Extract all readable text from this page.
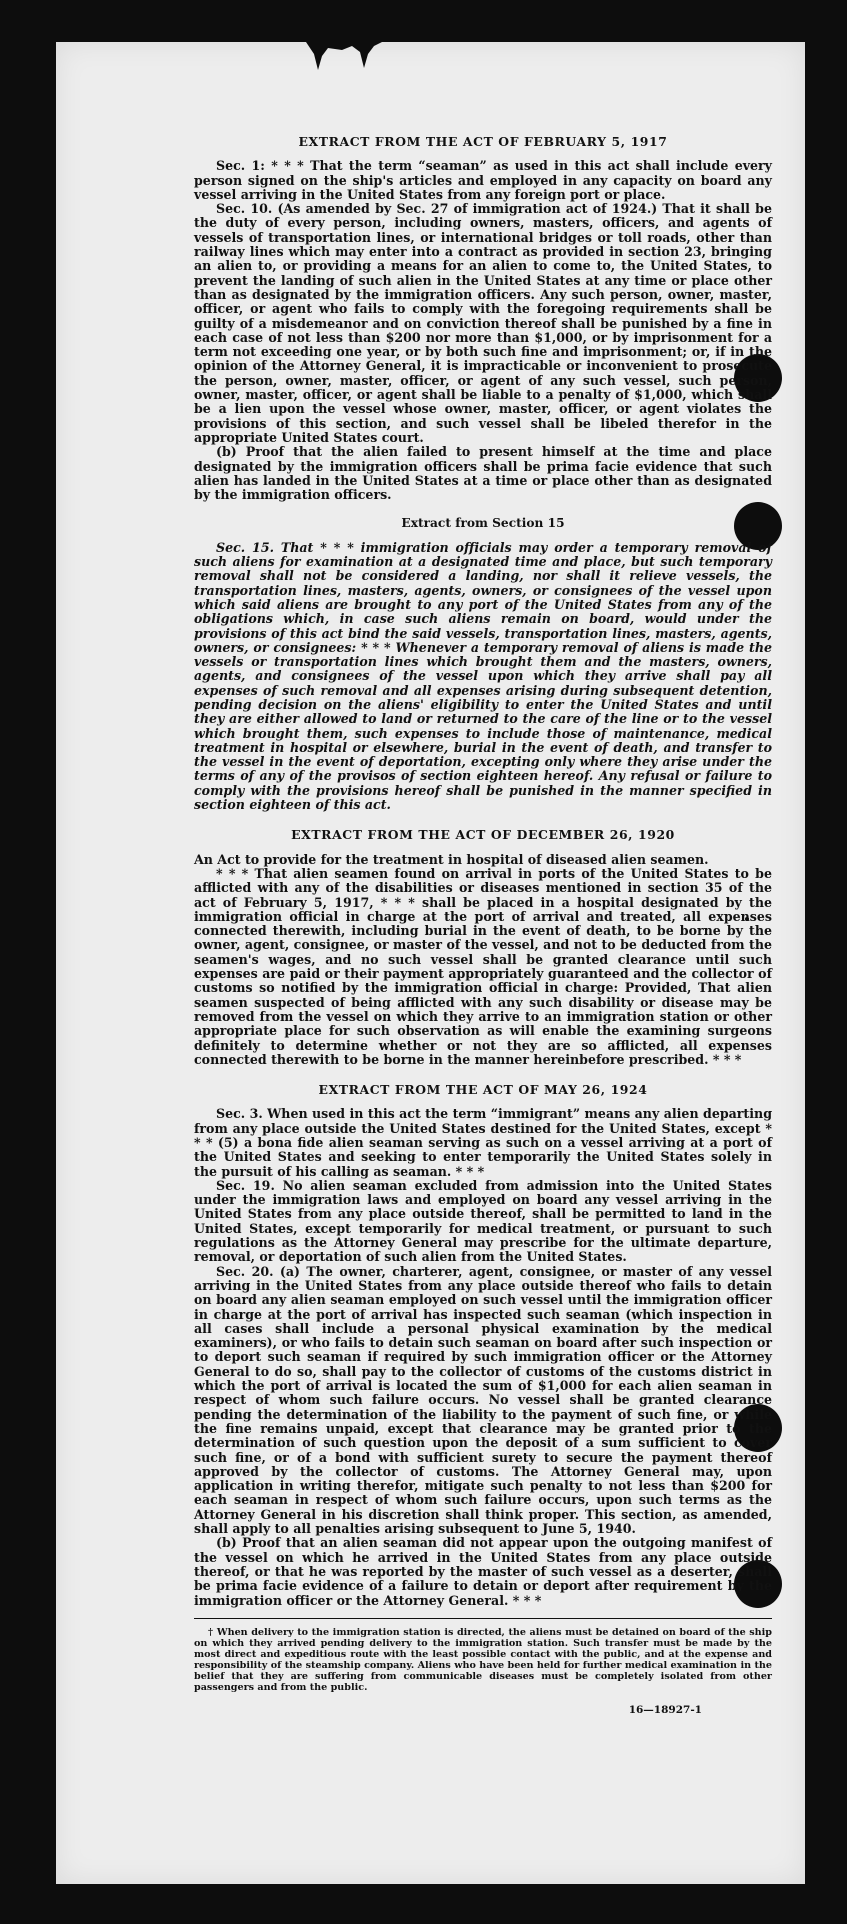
EXTRACT FROM THE ACT OF FEBRUARY 5, 1917

Sec. 1: * * * That the term “seaman” as used in this act shall include every person signed on the ship's articles and employed in any capacity on board any vessel arriving in the United States from any foreign port or place.

Sec. 10. (As amended by Sec. 27 of immigration act of 1924.) That it shall be the duty of every person, including owners, masters, officers, and agents of vessels of transportation lines, or international bridges or toll roads, other than railway lines which may enter into a contract as provided in section 23, bringing an alien to, or providing a means for an alien to come to, the United States, to prevent the landing of such alien in the United States at any time or place other than as designated by the immigration officers. Any such person, owner, master, officer, or agent who fails to comply with the foregoing requirements shall be guilty of a misdemeanor and on conviction thereof shall be punished by a fine in each case of not less than $200 nor more than $1,000, or by imprisonment for a term not exceeding one year, or by both such fine and imprisonment; or, if in the opinion of the Attorney General, it is impracticable or inconvenient to prosecute the person, owner, master, officer, or agent of any such vessel, such person, owner, master, officer, or agent shall be liable to a penalty of $1,000, which shall be a lien upon the vessel whose owner, master, officer, or agent violates the provisions of this section, and such vessel shall be libeled therefor in the appropriate United States court.

(b) Proof that the alien failed to present himself at the time and place designated by the immigration officers shall be prima facie evidence that such alien has landed in the United States at a time or place other than as designated by the immigration officers.

Extract from Section 15

Sec. 15. That * * * immigration officials may order a temporary removal of such aliens for examination at a designated time and place, but such temporary removal shall not be considered a landing, nor shall it relieve vessels, the transportation lines, masters, agents, owners, or consignees of the vessel upon which said aliens are brought to any port of the United States from any of the obligations which, in case such aliens remain on board, would under the provisions of this act bind the said vessels, transportation lines, masters, agents, owners, or consignees: * * * Whenever a temporary removal of aliens is made the vessels or transportation lines which brought them and the masters, owners, agents, and consignees of the vessel upon which they arrive shall pay all expenses of such removal and all expenses arising during subsequent detention, pending decision on the aliens' eligibility to enter the United States and until they are either allowed to land or returned to the care of the line or to the vessel which brought them, such expenses to include those of maintenance, medical treatment in hospital or elsewhere, burial in the event of death, and transfer to the vessel in the event of deportation, excepting only where they arise under the terms of any of the provisos of section eighteen hereof. Any refusal or failure to comply with the provisions hereof shall be punished in the manner specified in section eighteen of this act.

EXTRACT FROM THE ACT OF DECEMBER 26, 1920

An Act to provide for the treatment in hospital of diseased alien seamen.

* * * That alien seamen found on arrival in ports of the United States to be afflicted with any of the disabilities or diseases mentioned in section 35 of the act of February 5, 1917, * * * shall be placed in a hospital designated by the immigration official in charge at the port of arrival and treated, all expenses connected therewith, including burial in the event of death, to be borne by the owner, agent, consignee, or master of the vessel, and not to be deducted from the seamen's wages, and no such vessel shall be granted clearance until such expenses are paid or their payment appropriately guaranteed and the collector of customs so notified by the immigration official in charge: Provided, That alien seamen suspected of being afflicted with any such disability or disease may be removed from the vessel on which they arrive to an immigration station or other appropriate place for such observation as will enable the examining surgeons definitely to determine whether or not they are so afflicted, all expenses connected therewith to be borne in the manner hereinbefore prescribed. * * *

EXTRACT FROM THE ACT OF MAY 26, 1924

Sec. 3. When used in this act the term “immigrant” means any alien departing from any place outside the United States destined for the United States, except * * * (5) a bona fide alien seaman serving as such on a vessel arriving at a port of the United States and seeking to enter temporarily the United States solely in the pursuit of his calling as seaman. * * *

Sec. 19. No alien seaman excluded from admission into the United States under the immigration laws and employed on board any vessel arriving in the United States from any place outside thereof, shall be permitted to land in the United States, except temporarily for medical treatment, or pursuant to such regulations as the Attorney General may prescribe for the ultimate departure, removal, or deportation of such alien from the United States.

Sec. 20. (a) The owner, charterer, agent, consignee, or master of any vessel arriving in the United States from any place outside thereof who fails to detain on board any alien seaman employed on such vessel until the immigration officer in charge at the port of arrival has inspected such seaman (which inspection in all cases shall include a personal physical examination by the medical examiners), or who fails to detain such seaman on board after such inspection or to deport such seaman if required by such immigration officer or the Attorney General to do so, shall pay to the collector of customs of the customs district in which the port of arrival is located the sum of $1,000 for each alien seaman in respect of whom such failure occurs. No vessel shall be granted clearance pending the determination of the liability to the payment of such fine, or while the fine remains unpaid, except that clearance may be granted prior to the determination of such question upon the deposit of a sum sufficient to cover such fine, or of a bond with sufficient surety to secure the payment thereof approved by the collector of customs. The Attorney General may, upon application in writing therefor, mitigate such penalty to not less than $200 for each seaman in respect of whom such failure occurs, upon such terms as the Attorney General in his discretion shall think proper. This section, as amended, shall apply to all penalties arising subsequent to June 5, 1940.

(b) Proof that an alien seaman did not appear upon the outgoing manifest of the vessel on which he arrived in the United States from any place outside thereof, or that he was reported by the master of such vessel as a deserter, shall be prima facie evidence of a failure to detain or deport after requirement by the immigration officer or the Attorney General. * * *

† When delivery to the immigration station is directed, the aliens must be detained on board of the ship on which they arrived pending delivery to the immigration station. Such transfer must be made by the most direct and expeditious route with the least possible contact with the public, and at the expense and responsibility of the steamship company. Aliens who have been held for further medical examination in the belief that they are suffering from communicable diseases must be completely isolated from other passengers and from the public.

16—18927-1
